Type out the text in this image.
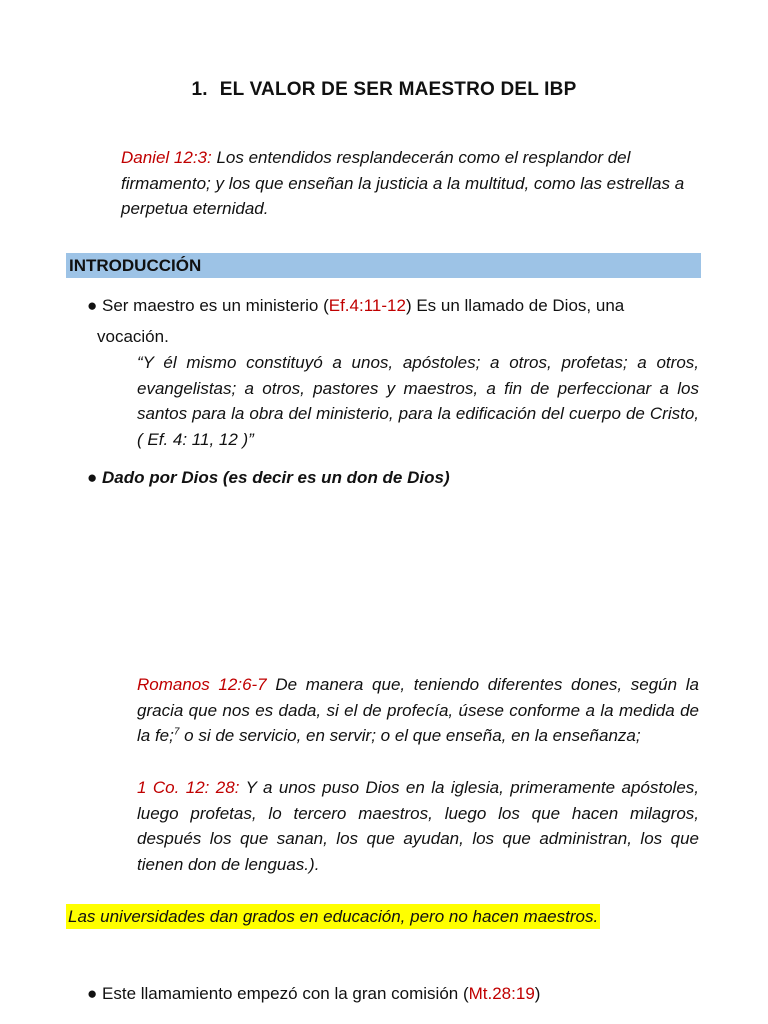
1. EL VALOR DE SER MAESTRO DEL IBP
Daniel 12:3: Los entendidos resplandecerán como el resplandor del firmamento; y los que enseñan la justicia a la multitud, como las estrellas a perpetua eternidad.
INTRODUCCIÓN
● Ser maestro es un ministerio (Ef.4:11-12) Es un llamado de Dios, una
vocación.
“Y él mismo constituyó a unos, apóstoles; a otros, profetas; a otros, evangelistas; a otros, pastores y maestros, a fin de perfeccionar a los santos para la obra del ministerio, para la edificación del cuerpo de Cristo, ( Ef. 4: 11, 12 )”
● Dado por Dios (es decir es un don de Dios)
Romanos 12:6-7 De manera que, teniendo diferentes dones, según la gracia que nos es dada, si el de profecía, úsese conforme a la medida de la fe;$^7$ o si de servicio, en servir; o el que enseña, en la enseñanza;
1 Co. 12: 28: Y a unos puso Dios en la iglesia, primeramente apóstoles, luego profetas, lo tercero maestros, luego los que hacen milagros, después los que sanan, los que ayudan, los que administran, los que tienen don de lenguas.).
Las universidades dan grados en educación, pero no hacen maestros.
● Este llamamiento empezó con la gran comisión (Mt.28:19)
